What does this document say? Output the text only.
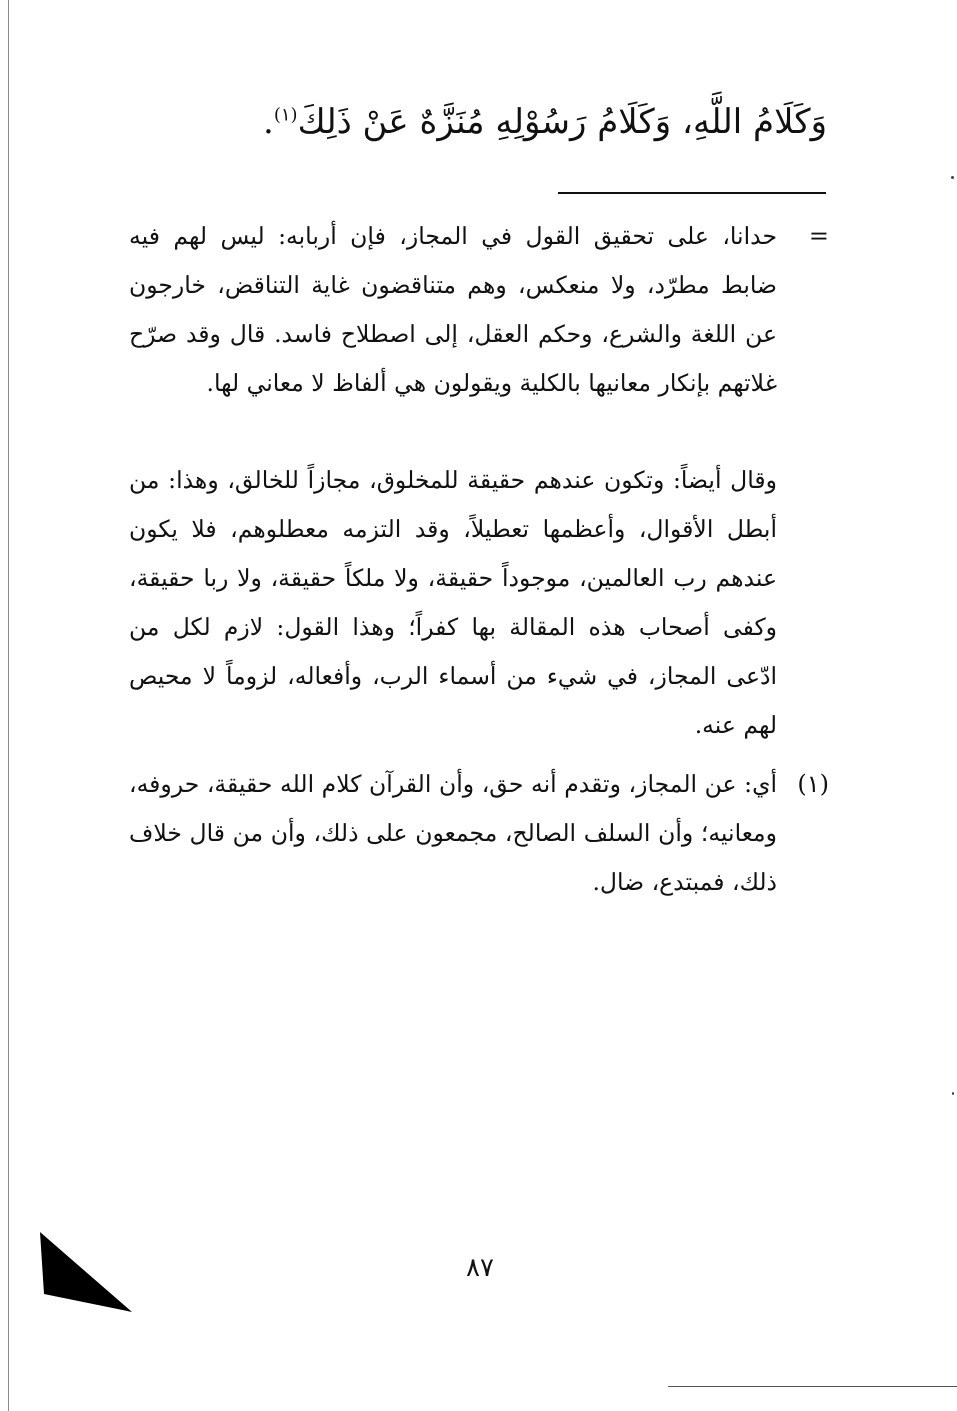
وَكَلَامُ اللَّهِ، وَكَلَامُ رَسُوْلِهِ مُنَزَّهٌ عَنْ ذَلِكَ$^{(١)}$.
=

حدانا، على تحقيق القول في المجاز، فإن أربابه: ليس لهم فيه ضابط مطرّد، ولا منعكس، وهم متناقضون غاية التناقض، خارجون عن اللغة والشرع، وحكم العقل، إلى اصطلاح فاسد. قال وقد صرّح غلاتهم بإنكار معانيها بالكلية ويقولون هي ألفاظ لا معاني لها.

وقال أيضاً: وتكون عندهم حقيقة للمخلوق، مجازاً للخالق، وهذا: من أبطل الأقوال، وأعظمها تعطيلاً، وقد التزمه معطلوهم، فلا يكون عندهم رب العالمين، موجوداً حقيقة، ولا ملكاً حقيقة، ولا ربا حقيقة، وكفى أصحاب هذه المقالة بها كفراً؛ وهذا القول: لازم لكل من ادّعى المجاز، في شيء من أسماء الرب، وأفعاله، لزوماً لا محيص لهم عنه.

(١)

أي: عن المجاز، وتقدم أنه حق، وأن القرآن كلام الله حقيقة، حروفه، ومعانيه؛ وأن السلف الصالح، مجمعون على ذلك، وأن من قال خلاف ذلك، فمبتدع، ضال.

٨٧
